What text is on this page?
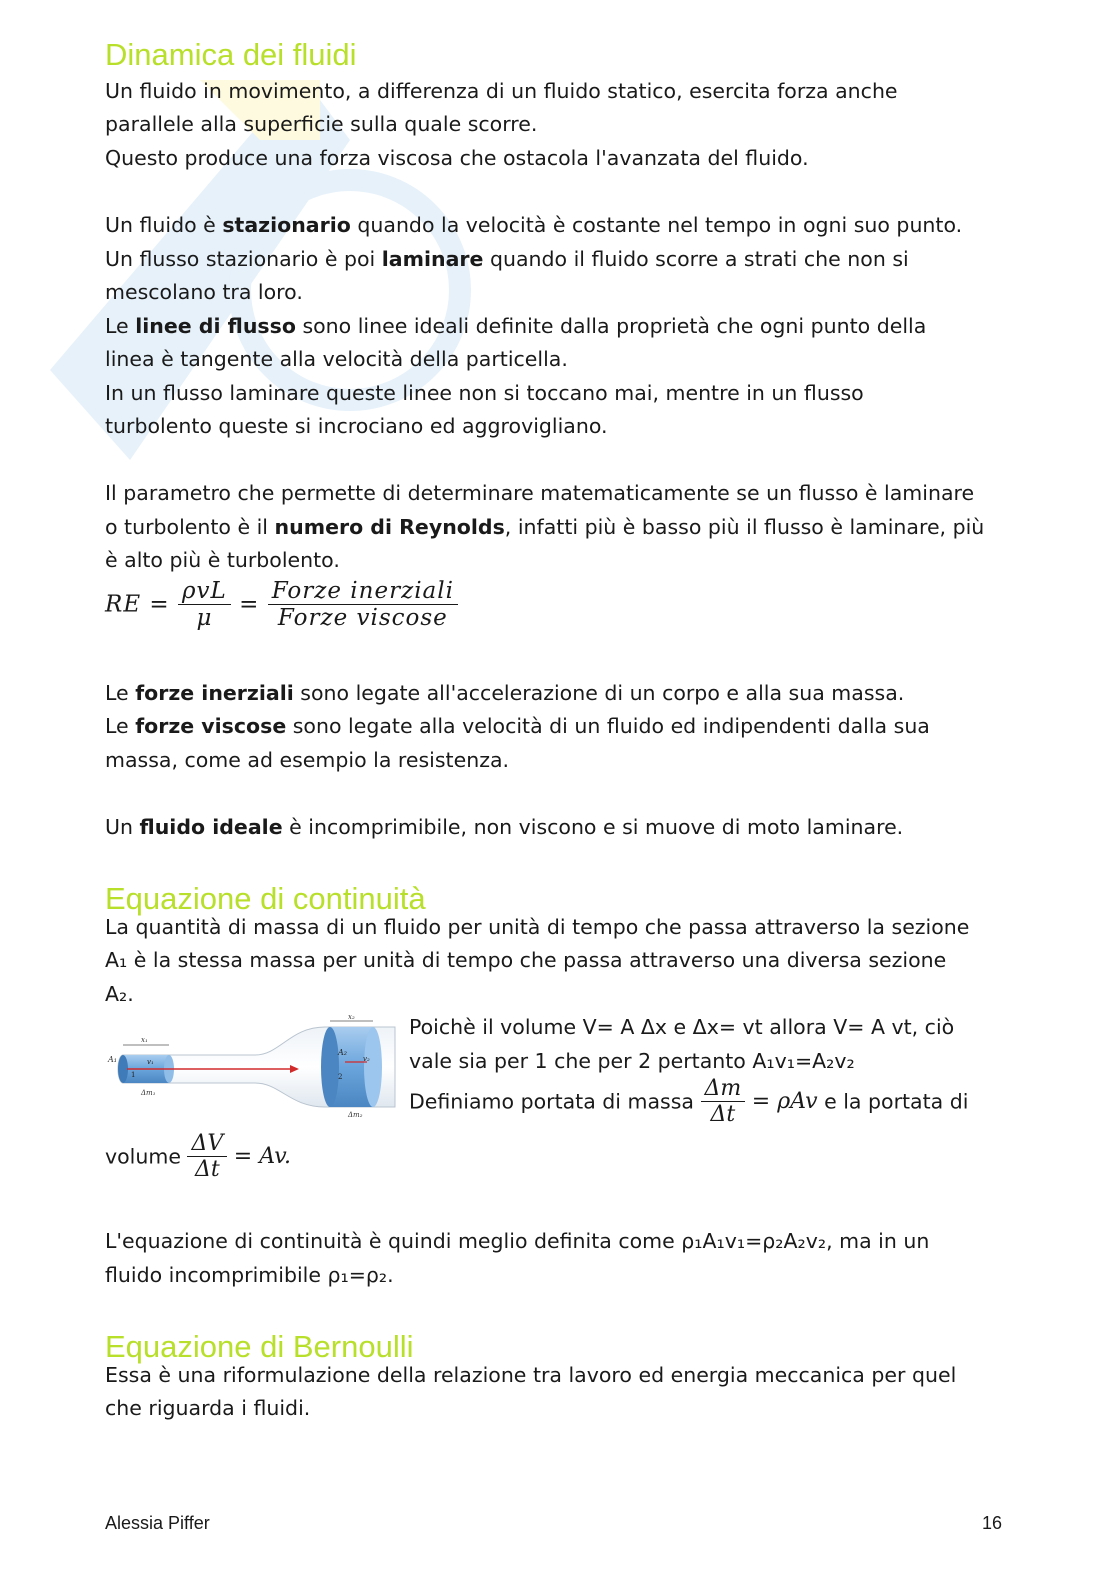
Dinamica dei fluidi

Un fluido in movimento, a differenza di un fluido statico, esercita forza anche

parallele alla superficie sulla quale scorre.

Questo produce una forza viscosa che ostacola l'avanzata del fluido.

Un fluido è stazionario quando la velocità è costante nel tempo in ogni suo punto.

Un flusso stazionario è poi laminare quando il fluido scorre a strati che non si

mescolano tra loro.

Le linee di flusso sono linee ideali definite dalla proprietà che ogni punto della

linea è tangente alla velocità della particella.

In un flusso laminare queste linee non si toccano mai, mentre in un flusso

turbolento queste si incrociano ed aggrovigliano.

Il parametro che permette di determinare matematicamente se un flusso è laminare

o turbolento è il numero di Reynolds, infatti più è basso più il flusso è laminare, più

è alto più è turbolento.

RE = $\frac{\text{ρvL}}{\mu} = \frac{\text{Forze inerziali}}{\text{Forze viscose}}$

Le forze inerziali sono legate all'accelerazione di un corpo e alla sua massa.

Le forze viscose sono legate alla velocità di un fluido ed indipendenti dalla sua

massa, come ad esempio la resistenza.

Un fluido ideale è incomprimibile, non viscono e si muove di moto laminare.

Equazione di continuità

La quantità di massa di un fluido per unità di tempo che passa attraverso la sezione

A₁ è la stessa massa per unità di tempo che passa attraverso una diversa sezione

A₂.

A₁
x₁
v₁
1
Δm₁
x₂
A₂
v₂
2
Δm₂

Poichè il volume V= A Δx e Δx= vt allora V= A vt, ciò

vale sia per 1 che per 2 pertanto A₁v₁=A₂v₂

Definiamo portata di massa $\frac{\Delta m}{\Delta t} = \rho Av$ e la portata di
volume $\frac{\Delta V}{\Delta t} = Av$.

L'equazione di continuità è quindi meglio definita come ρ₁A₁v₁=ρ₂A₂v₂, ma in un

fluido incomprimibile ρ₁=ρ₂.

Equazione di Bernoulli

Essa è una riformulazione della relazione tra lavoro ed energia meccanica per quel

che riguarda i fluidi.

Alessia Piffer	16
